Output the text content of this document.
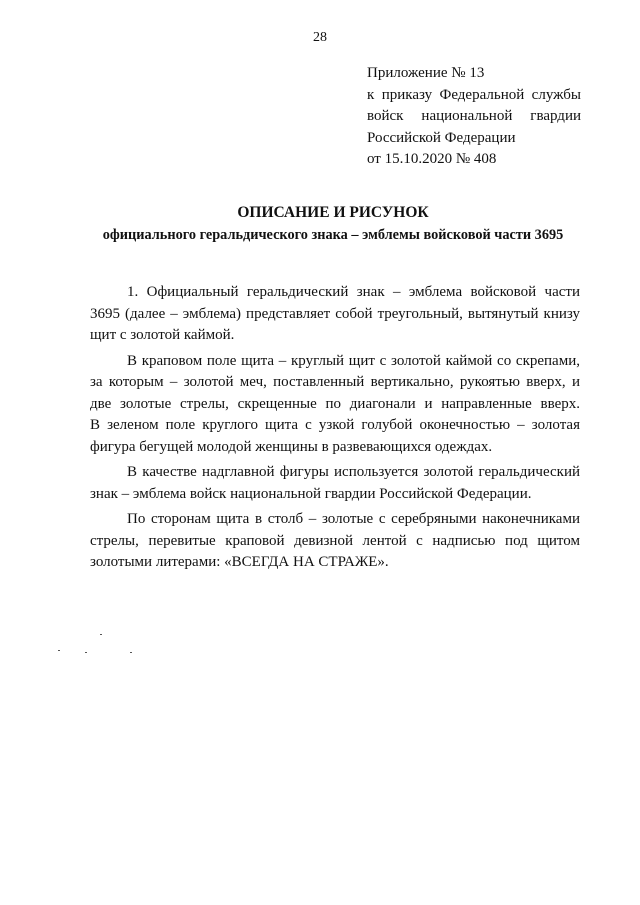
28
Приложение № 13
к приказу Федеральной службы
войск национальной гвардии
Российской Федерации
от 15.10.2020 № 408
ОПИСАНИЕ И РИСУНОК
официального геральдического знака – эмблемы войсковой части 3695
1. Официальный геральдический знак – эмблема войсковой части
3695 (далее – эмблема) представляет собой треугольный, вытянутый книзу
щит с золотой каймой.
В краповом поле щита – круглый щит с золотой каймой со скрепами,
за которым – золотой меч, поставленный вертикально, рукоятью вверх, и
две золотые стрелы, скрещенные по диагонали и направленные вверх.
В зеленом поле круглого щита с узкой голубой оконечностью – золотая
фигура бегущей молодой женщины в развевающихся одеждах.
В качестве надглавной фигуры используется золотой геральдический
знак – эмблема войск национальной гвардии Российской Федерации.
По сторонам щита в столб – золотые с серебряными наконечниками
стрелы, перевитые краповой девизной лентой с надписью под щитом
золотыми литерами: «ВСЕГДА НА СТРАЖЕ».
